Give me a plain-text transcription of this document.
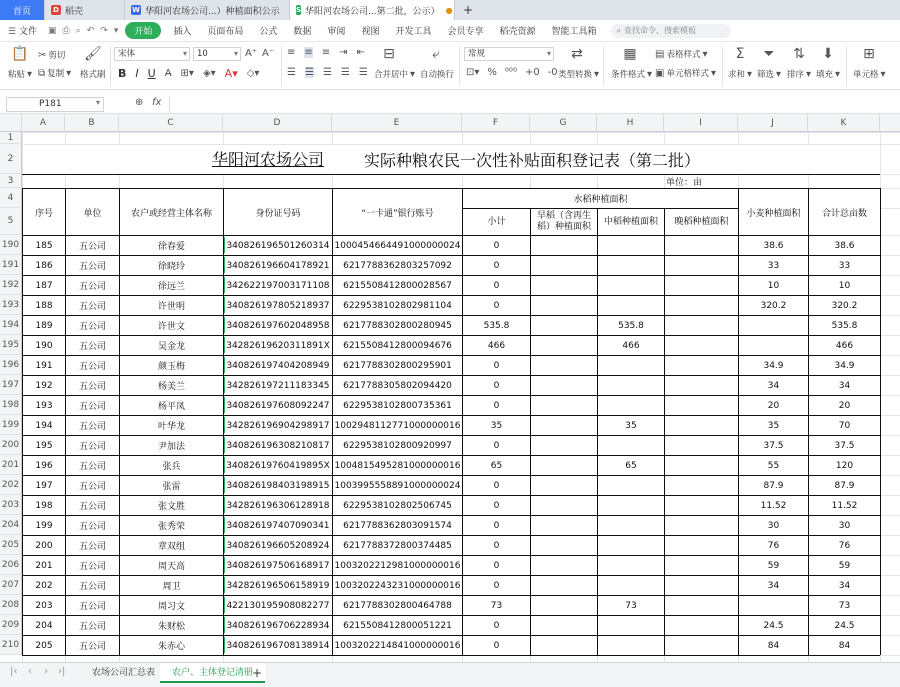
首页	D 稻壳	W 华阳河农场公司...）种植面积公示 S 华阳河农场公司...第二批，公示） ● +
☰ 文件	▣ ⎙ ⌕ ↶ ↷ ▾	开始	插入	页面布局	公式	数据	审阅	视图	开发工具	会员专享	稻壳资源	智能工具箱	⌕ 查找命令、搜索模板
📋
粘贴 ▾
✂ 剪切
⧉ 复制 ▾
🖌
格式刷
宋体 ▾	10 ▾	A⁺ A⁻
B I U A̶ ⊞▾ ◈▾ A▾ ◇▾
≡ ≡ ≡ ⇥ ⇤
☰ ☰ ☰ ☰ ☰
⊟
合并居中 ▾
⤶
自动换行
常规 ▾
⊡▾ % ⁰⁰⁰ +0 -0
⇄
类型转换 ▾
▦
条件格式 ▾
▤ 表格样式 ▾
▣ 单元格样式 ▾
Σ
求和 ▾
⏷
筛选 ▾
⇅
排序 ▾
⬇
填充 ▾
⊞
单元格 ▾
P181	▾	⊕ fx
A	B	C	D	E	F	G	H	I	J	K
1
2
3
4
5
190
191
192
193
194
195
196
197
198
199
200
201
202
203
204
205
206
207
208
209
210
华阳河农场公司	实际种粮农民一次性补贴面积登记表（第二批）
单位：亩
序号	单位	农户或经营主体名称	身份证号码	“一卡通”银行账号	小麦种植面积	合计总亩数
水稻种植面积
小计
早稻（含再生稻）种植面积
中稻种植面积	晚稻种植面积
185	五公司	徐春爱	340826196501260314 1000454664491000000024	0	38.6	38.6
186	五公司	徐晓玲	340826196604178921	6217788362803257092	0	33	33
187	五公司	徐远兰	342622197003171108	6215508412800028567	0	10	10
188	五公司	许世明	340826197805218937	6229538102802981104	0	320.2	320.2
189	五公司	许世文	340826197602048958	6217788302800280945	535.8	535.8	535.8
190	五公司	吴金龙	34282619620311891X	6215508412800094676	466	466	466
191	五公司	颜玉梅	340826197404208949	6217788302800295901	0	34.9	34.9
192	五公司	杨美兰	342826197211183345	6217788305802094420	0	34	34
193	五公司	杨平凤	340826197608092247	6229538102800735361	0	20	20
194	五公司	叶华龙	342826196904298917 1002948112771000000016	35	35	35	70
195	五公司	尹加法	340826196308210817	6229538102800920997	0	37.5	37.5
196	五公司	张兵	34082619760419895X 1004815495281000000016	65	65	55	120
197	五公司	张雷	340826198403198915 1003995558891000000024	0	87.9	87.9
198	五公司	张文胜	342826196306128918	6229538102802506745	0	11.52	11.52
199	五公司	张秀荣	340826197407090341	6217788362803091574	0	30	30
200	五公司	章双组	340826196605208924	6217788372800374485	0	76	76
201	五公司	周天高	340826197506168917 1003202212981000000016	0	59	59
202	五公司	周卫	342826196506158919 1003202243231000000016	0	34	34
203	五公司	周习文	422130195908082277	6217788302800464788	73	73	73
204	五公司	朱财松	340826196706228934	6215508412800051221	0	24.5	24.5
205	五公司	朱赤心	340826196708138914 1003202214841000000016	0	84	84
|‹ ‹ › ›|	农场公司汇总表	农户、主体登记清册
+
